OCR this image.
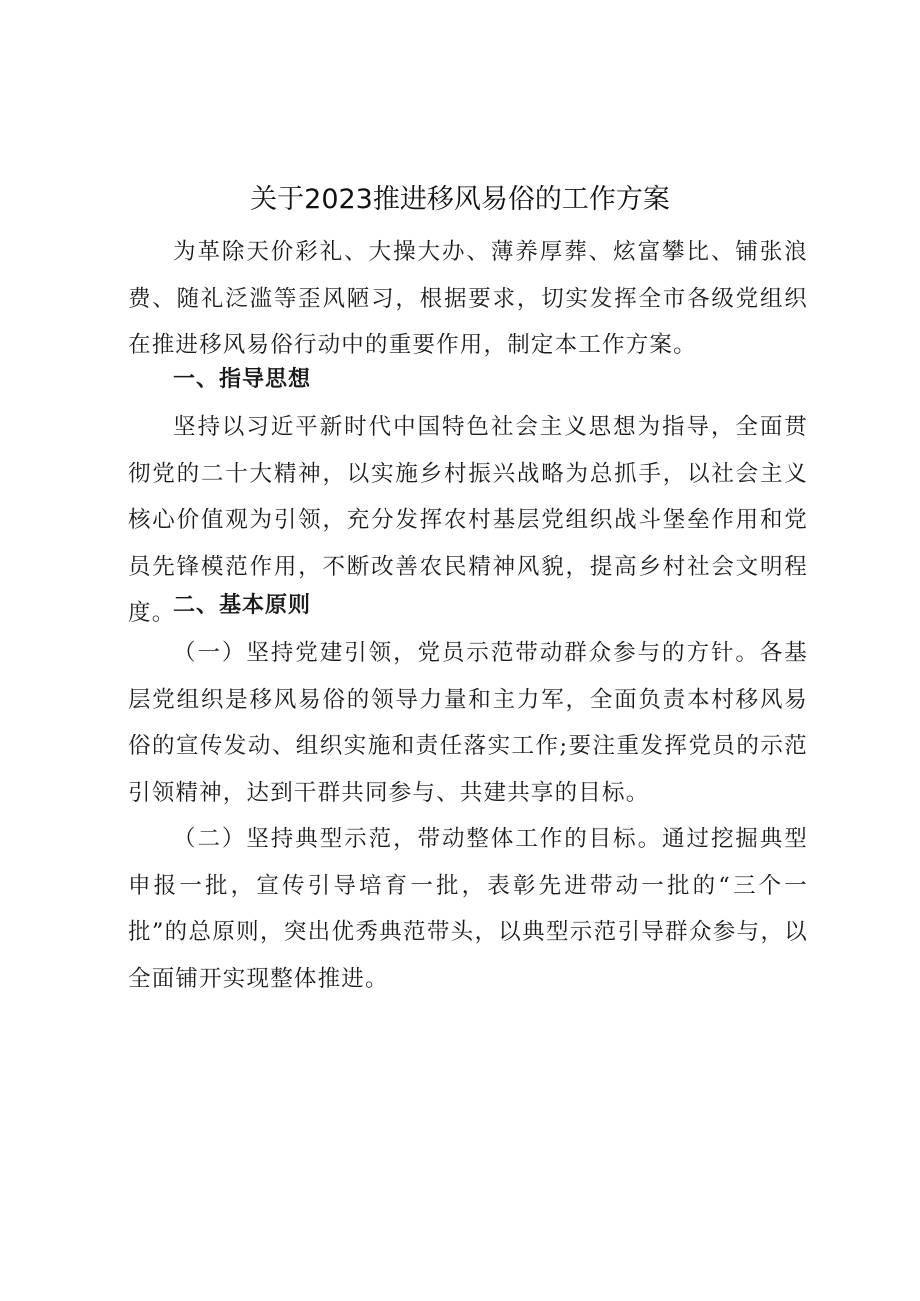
关于2023推进移风易俗的工作方案

为革除天价彩礼、大操大办、薄养厚葬、炫富攀比、铺张浪费、随礼泛滥等歪风陋习，根据要求，切实发挥全市各级党组织在推进移风易俗行动中的重要作用，制定本工作方案。

一、指导思想

坚持以习近平新时代中国特色社会主义思想为指导，全面贯彻党的二十大精神，以实施乡村振兴战略为总抓手，以社会主义核心价值观为引领，充分发挥农村基层党组织战斗堡垒作用和党员先锋模范作用，不断改善农民精神风貌，提高乡村社会文明程度。

二、基本原则

（一）坚持党建引领，党员示范带动群众参与的方针。各基层党组织是移风易俗的领导力量和主力军，全面负责本村移风易俗的宣传发动、组织实施和责任落实工作;要注重发挥党员的示范引领精神，达到干群共同参与、共建共享的目标。

（二）坚持典型示范，带动整体工作的目标。通过挖掘典型申报一批，宣传引导培育一批，表彰先进带动一批的“三个一批”的总原则，突出优秀典范带头，以典型示范引导群众参与，以全面铺开实现整体推进。
